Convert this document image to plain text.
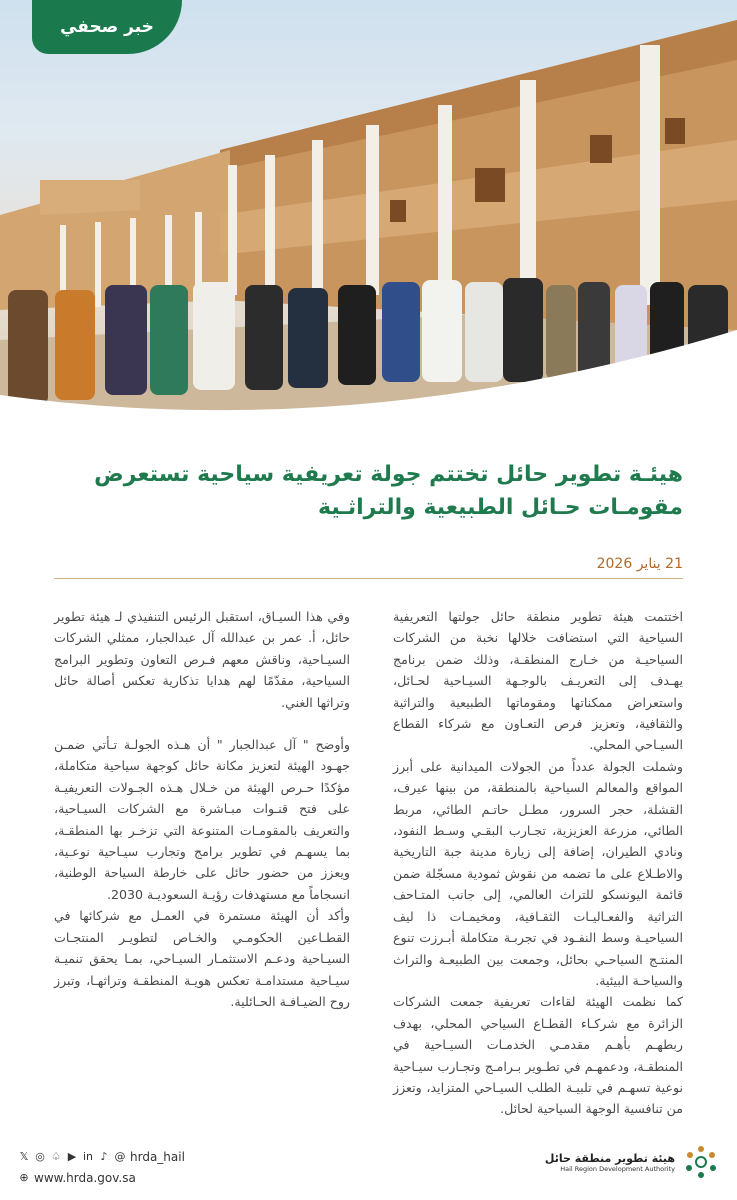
خبر صحفي
هيئـة تطوير حائل تختتم جولة تعريفية سياحية تستعرض
مقومـات حـائل الطبيعية والتراثـية
21 يناير 2026

اختتمت هيئة تطوير منطقة حائل جولتها التعريفية السياحية التي استضافت خلالها نخبة من الشركات السياحيـة من خـارج المنطقـة، وذلك ضمن برنامج يهـدف إلى التعريـف بالوجـهة السيـاحية لحـائل، واستعراض ممكناتها ومقوماتها الطبيعية والتراثية والثقافية، وتعزيز فرص التعـاون مع شركاء القطاع السيـاحي المحلي.

وشملت الجولة عدداً من الجولات الميدانية على أبرز المواقع والمعالم السياحية بالمنطقة، من بينها عيرف، القشلة، حجر السرور، مطـل حاتـم الطائي، مربط الطائي، مزرعة العزيزية، تجـارب البقـي وسـط النفود، ونادي الطيران، إضافة إلى زيارة مدينة جبة التاريخية والاطـلاع على ما تضمه من نقوش ثمودية مسجّلة ضمن قائمة اليونسكو للتراث العالمي، إلى جانب المتـاحف التراثية والفعـاليـات الثقـافية، ومخيمـات ذا ليف السياحيـة وسط النفـود في تجربـة متكاملة أبـرزت تنوع المنتـج السياحـي بحائل، وجمعت بين الطبيعـة والتراث والسياحـة البيئية.

كما نظمت الهيئة لقاءات تعريفية جمعت الشركات الزائرة مع شركـاء القطـاع السياحي المحلي، بهدف ربطهـم بأهـم مقدمـي الخدمـات السيـاحية في المنطقـة، ودعمهـم في تطـوير بـرامـج وتجـارب سيـاحية نوعية تسهـم في تلبيـة الطلب السيـاحي المتزايد، وتعزز من تنافسية الوجهة السياحية لحائل.

وفي هذا السيـاق، استقبل الرئيس التنفيذي لـ هيئة تطوير حائل، أ. عمر بن عبدالله آل عبدالجبار، ممثلي الشركات السيـاحية، وناقش معهم فـرص التعاون وتطوير البرامج السياحية، مقدّمًا لهم هدايا تذكارية تعكس أصالة حائل وتراثها الغني.

وأوضح " آل عبدالجبار " أن هـذه الجولـة تـأتي ضمـن جهـود الهيئة لتعزيز مكانة حائل كوجهة سياحية متكاملة، مؤكدًا حـرص الهيئة من خـلال هـذه الجـولات التعريفيـة على فتح قنـوات مبـاشرة مع الشركات السيـاحية، والتعريف بالمقومـات المتنوعة التي تزخـر بها المنطقـة، بما يسهـم في تطوير برامج وتجارب سيـاحية نوعـية، ويعزز من حضور حائل على خارطة السياحة الوطنية، انسجاماً مع مستهدفات رؤيـة السعوديـة 2030.

وأكد أن الهيئة مستمرة في العمـل مع شركائها في القطـاعين الحكومـي والخـاص لتطويـر المنتجـات السيـاحية ودعـم الاستثمـار السيـاحي، بمـا يحقق تنميـة سيـاحية مستدامـة تعكس هويـة المنطقـة وتراثهـا، وتبرز روح الضيـافـة الحـائلية.

𝕏 ◎ ♤ ▶ in ♪ @ hrda_hail
⊕ www.hrda.gov.sa
هيئة تطوير منطقة حائل
Hail Region Development Authority
